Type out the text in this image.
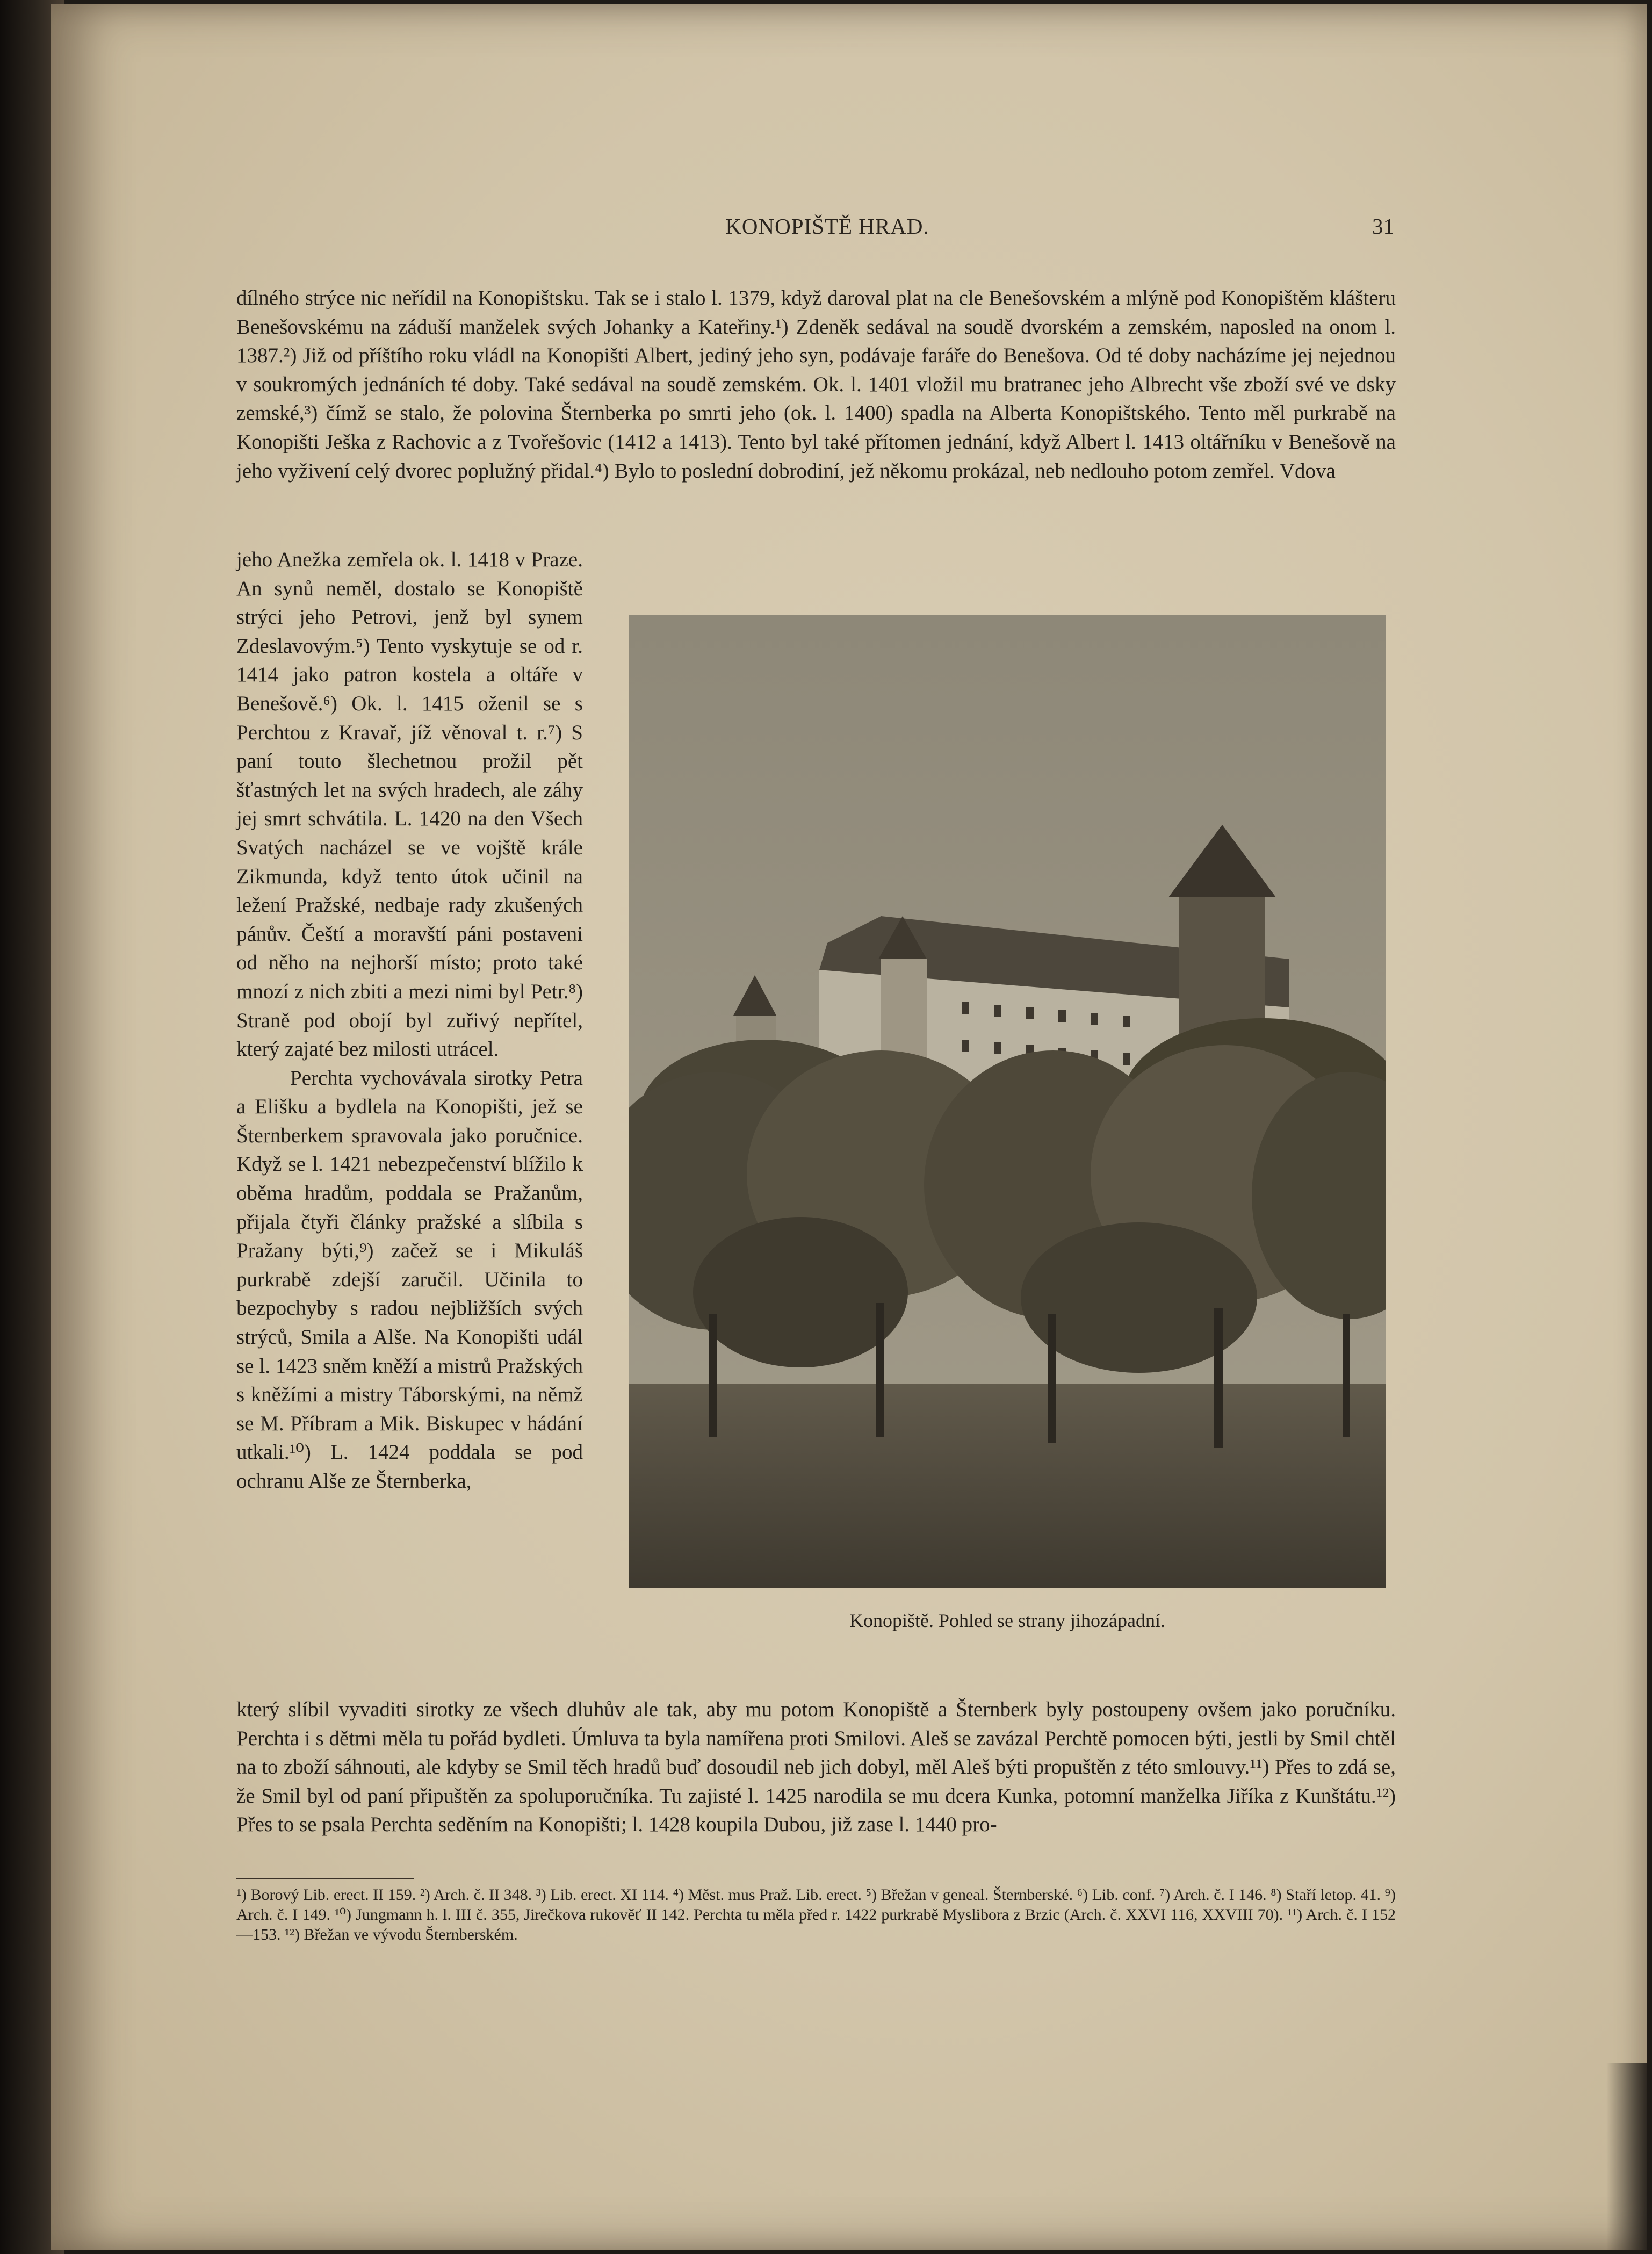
KONOPIŠTĚ HRAD.	31

dílného strýce nic neřídil na Konopištsku. Tak se i stalo l. 1379, když daroval plat na cle Benešovském a mlýně pod Konopištěm klášteru Benešovskému na záduší manželek svých Johanky a Kateřiny.¹) Zdeněk sedával na soudě dvorském a zemském, naposled na onom l. 1387.²) Již od příštího roku vládl na Konopišti Albert, jediný jeho syn, podávaje faráře do Benešova. Od té doby nacházíme jej nejednou v soukromých jednáních té doby. Také sedával na soudě zemském. Ok. l. 1401 vložil mu bratranec jeho Albrecht vše zboží své ve dsky zemské,³) čímž se stalo, že polovina Šternberka po smrti jeho (ok. l. 1400) spadla na Alberta Konopištského. Tento měl purkrabě na Konopišti Ješka z Rachovic a z Tvořešovic (1412 a 1413). Tento byl také přítomen jednání, když Albert l. 1413 oltářníku v Benešově na jeho vyživení celý dvorec poplužný přidal.⁴) Bylo to poslední dobrodiní, jež někomu prokázal, neb nedlouho potom zemřel. Vdova

jeho Anežka zemřela ok. l. 1418 v Praze. An synů neměl, dostalo se Konopiště strýci jeho Petrovi, jenž byl synem Zdeslavovým.⁵) Tento vyskytuje se od r. 1414 jako patron kostela a oltáře v Benešově.⁶) Ok. l. 1415 oženil se s Perchtou z Kravař, jíž věnoval t. r.⁷) S paní touto šlechetnou prožil pět šťastných let na svých hradech, ale záhy jej smrt schvátila. L. 1420 na den Všech Svatých nacházel se ve vojště krále Zikmunda, když tento útok učinil na ležení Pražské, nedbaje rady zkušených pánův. Čeští a moravští páni postaveni od něho na nejhorší místo; proto také mnozí z nich zbiti a mezi nimi byl Petr.⁸) Straně pod obojí byl zuřivý nepřítel, který zajaté bez milosti utrácel.

Perchta vychovávala sirotky Petra a Elišku a bydlela na Konopišti, jež se Šternberkem spravovala jako poručnice. Když se l. 1421 nebezpečenství blížilo k oběma hradům, poddala se Pražanům, přijala čtyři články pražské a slíbila s Pražany býti,⁹) začež se i Mikuláš purkrabě zdejší zaručil. Učinila to bezpochyby s radou nejbližších svých strýců, Smila a Alše. Na Konopišti udál se l. 1423 sněm kněží a mistrů Pražských s kněžími a mistry Táborskými, na němž se M. Příbram a Mik. Biskupec v hádání utkali.¹⁰) L. 1424 poddala se pod ochranu Alše ze Šternberka,

Konopiště. Pohled se strany jihozápadní.

který slíbil vyvaditi sirotky ze všech dluhův ale tak, aby mu potom Konopiště a Šternberk byly postoupeny ovšem jako poručníku. Perchta i s dětmi měla tu pořád bydleti. Úmluva ta byla namířena proti Smilovi. Aleš se zavázal Perchtě pomocen býti, jestli by Smil chtěl na to zboží sáhnouti, ale kdyby se Smil těch hradů buď dosoudil neb jich dobyl, měl Aleš býti propuštěn z této smlouvy.¹¹) Přes to zdá se, že Smil byl od paní připuštěn za spoluporučníka. Tu zajisté l. 1425 narodila se mu dcera Kunka, potomní manželka Jiříka z Kunštátu.¹²) Přes to se psala Perchta seděním na Konopišti; l. 1428 koupila Dubou, již zase l. 1440 pro-

¹) Borový Lib. erect. II 159. ²) Arch. č. II 348. ³) Lib. erect. XI 114. ⁴) Měst. mus Praž. Lib. erect. ⁵) Břežan v geneal. Šternberské. ⁶) Lib. conf. ⁷) Arch. č. I 146. ⁸) Staří letop. 41. ⁹) Arch. č. I 149. ¹⁰) Jungmann h. l. III č. 355, Jirečkova rukověť II 142. Perchta tu měla před r. 1422 purkrabě Myslibora z Brzic (Arch. č. XXVI 116, XXVIII 70). ¹¹) Arch. č. I 152—153. ¹²) Břežan ve vývodu Šternberském.
